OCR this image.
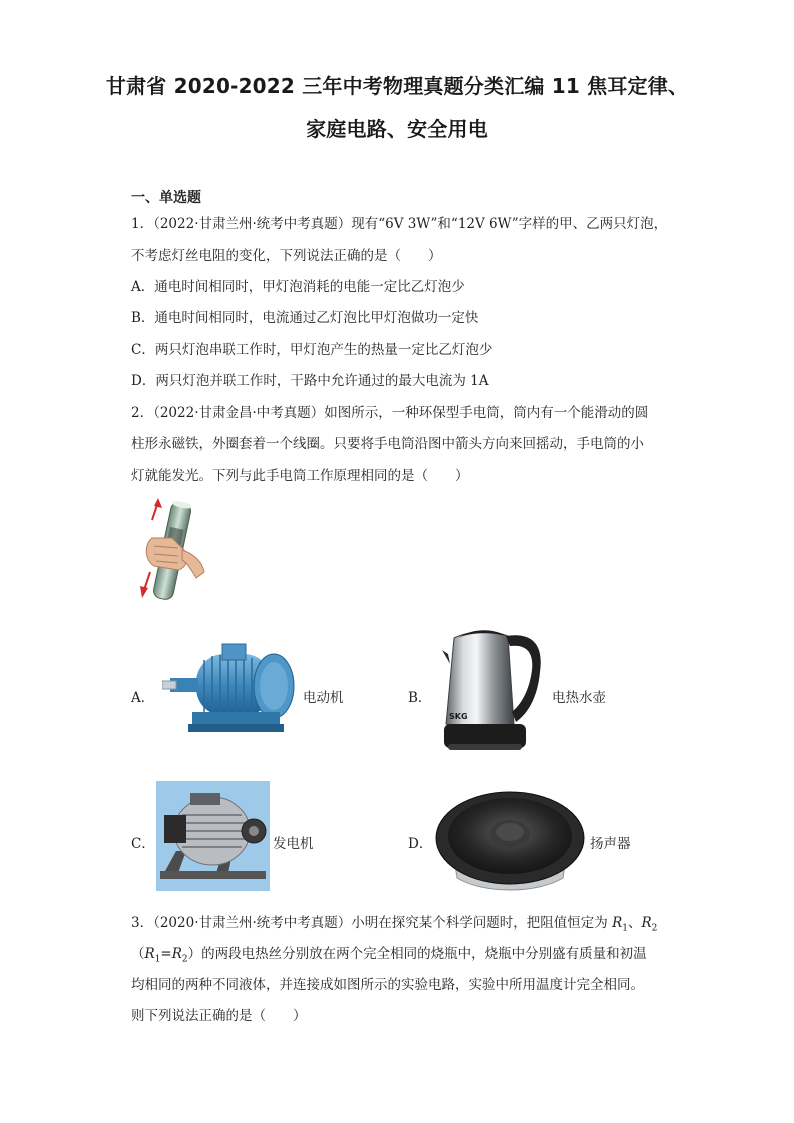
甘肃省 2020-2022 三年中考物理真题分类汇编 11 焦耳定律、
家庭电路、安全用电
一、单选题
1．（2022·甘肃兰州·统考中考真题）现有“6V 3W”和“12V 6W”字样的甲、乙两只灯泡，
不考虑灯丝电阻的变化，下列说法正确的是（　　）
A．通电时间相同时，甲灯泡消耗的电能一定比乙灯泡少
B．通电时间相同时，电流通过乙灯泡比甲灯泡做功一定快
C．两只灯泡串联工作时，甲灯泡产生的热量一定比乙灯泡少
D．两只灯泡并联工作时，干路中允许通过的最大电流为 1A
2．（2022·甘肃金昌·中考真题）如图所示，一种环保型手电筒，筒内有一个能滑动的圆
柱形永磁铁，外圈套着一个线圈。只要将手电筒沿图中箭头方向来回摇动，手电筒的小
灯就能发光。下列与此手电筒工作原理相同的是（　　）
A．	电动机	B．
SKG
电热水壶
C．	发电机	D．	扬声器
3．（2020·甘肃兰州·统考中考真题）小明在探究某个科学问题时，把阻值恒定为 $R_1$、$R_2$
$(R_1=R_2)$的两段电热丝分别放在两个完全相同的烧瓶中，烧瓶中分别盛有质量和初温
均相同的两种不同液体，并连接成如图所示的实验电路，实验中所用温度计完全相同。
则下列说法正确的是（　　）
